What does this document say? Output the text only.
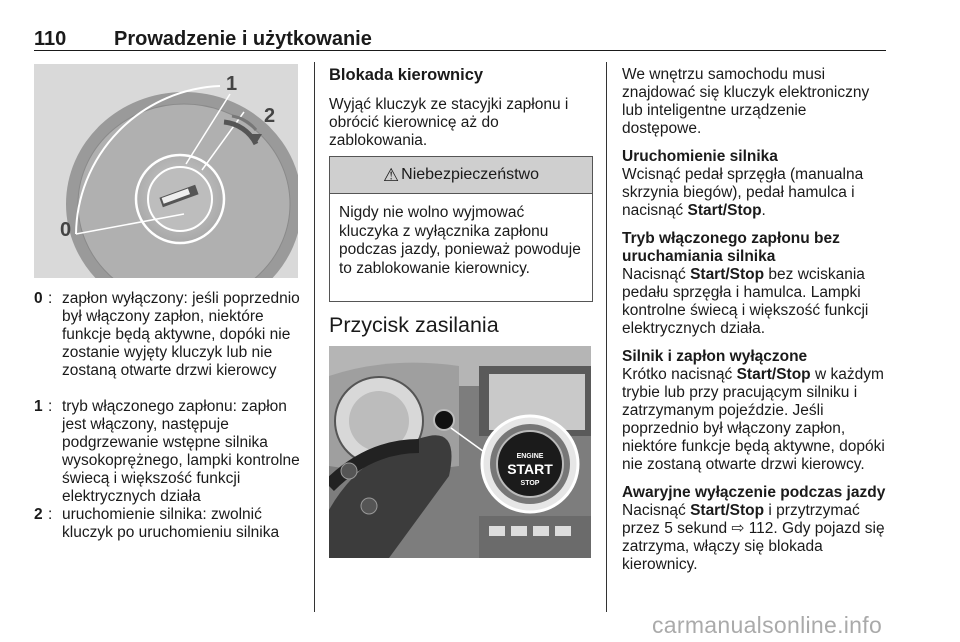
110 Prowadzenie i użytkowanie
1
2
0
0 : zapłon wyłączony: jeśli poprzednio był włączony zapłon, niektóre funkcje będą aktywne, dopóki nie zostanie wyjęty kluczyk lub nie zostaną otwarte drzwi kierowcy
1 : tryb włączonego zapłonu: zapłon jest włączony, następuje podgrzewanie wstępne silnika wysokoprężnego, lampki kontrolne świecą i większość funkcji elektrycznych działa
2 : uruchomienie silnika: zwolnić kluczyk po uruchomieniu silnika
Blokada kierownicy
Wyjąć kluczyk ze stacyjki zapłonu i obrócić kierownicę aż do zablokowania.
⚠ Niebezpieczeństwo
Nigdy nie wolno wyjmować kluczyka z wyłącznika zapłonu podczas jazdy, ponieważ powoduje to zablokowanie kierownicy.
Przycisk zasilania
ENGINE
START
STOP

We wnętrzu samochodu musi znajdować się kluczyk elektroniczny lub inteligentne urządzenie dostępowe.

Uruchomienie silnika

Wcisnąć pedał sprzęgła (manualna skrzynia biegów), pedał hamulca i nacisnąć Start/Stop.

Tryb włączonego zapłonu bez uruchamiania silnika

Nacisnąć Start/Stop bez wciskania pedału sprzęgła i hamulca. Lampki kontrolne świecą i większość funkcji elektrycznych działa.

Silnik i zapłon wyłączone

Krótko nacisnąć Start/Stop w każdym trybie lub przy pracującym silniku i zatrzymanym pojeździe. Jeśli poprzednio był włączony zapłon, niektóre funkcje będą aktywne, dopóki nie zostaną otwarte drzwi kierowcy.

Awaryjne wyłączenie podczas jazdy

Nacisnąć Start/Stop i przytrzymać przez 5 sekund ⇨ 112. Gdy pojazd się zatrzyma, włączy się blokada kierownicy.

carmanualsonline.info
